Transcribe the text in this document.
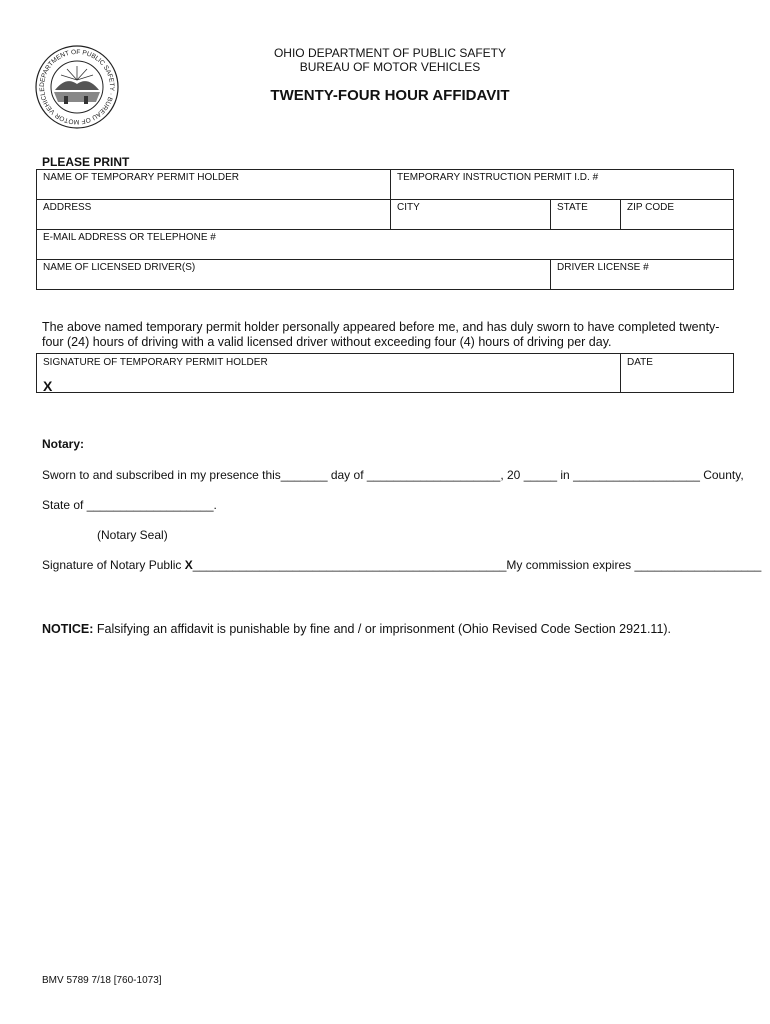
DEPARTMENT OF PUBLIC SAFETY · BUREAU OF MOTOR VEHICLE
OHIO DEPARTMENT OF PUBLIC SAFETY
BUREAU OF MOTOR VEHICLES
TWENTY-FOUR HOUR AFFIDAVIT
PLEASE PRINT
NAME OF TEMPORARY PERMIT HOLDER	TEMPORARY INSTRUCTION PERMIT I.D. #
ADDRESS	CITY	STATE	ZIP CODE
E-MAIL ADDRESS OR TELEPHONE #
NAME OF LICENSED DRIVER(S)	DRIVER LICENSE #
The above named temporary permit holder personally appeared before me, and has duly sworn to have completed twenty-four (24) hours of driving with a valid licensed driver without exceeding four (4) hours of driving per day.
SIGNATURE OF TEMPORARY PERMIT HOLDER	DATE
X
Notary:
Sworn to and subscribed in my presence this_______ day of ____________________, 20 _____ in ___________________ County,
State of ___________________.
(Notary Seal)
Signature of Notary Public X_______________________________________________My commission expires ___________________
NOTICE: Falsifying an affidavit is punishable by fine and / or imprisonment (Ohio Revised Code Section 2921.11).
BMV 5789 7/18 [760-1073]
